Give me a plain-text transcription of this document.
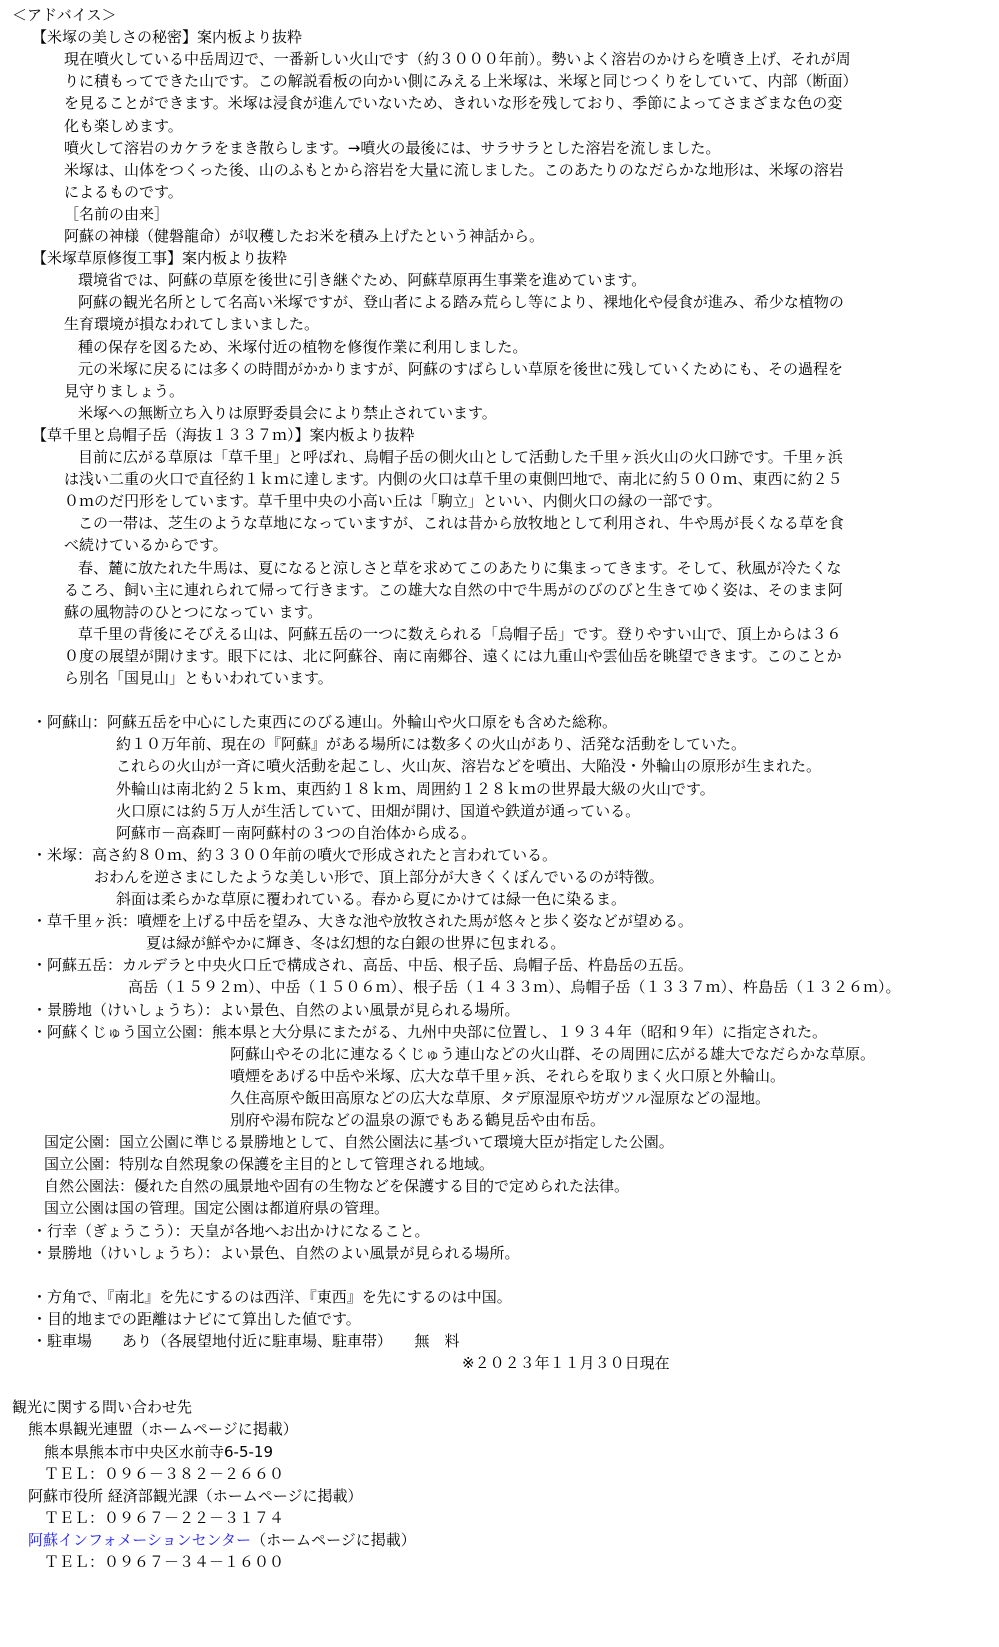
＜アドバイス＞
【米塚の美しさの秘密】案内板より抜粋
現在噴火している中岳周辺で、一番新しい火山です（約３０００年前）。勢いよく溶岩のかけらを噴き上げ、それが周
りに積もってできた山です。この解説看板の向かい側にみえる上米塚は、米塚と同じつくりをしていて、内部（断面）
を見ることができます。米塚は浸食が進んでいないため、きれいな形を残しており、季節によってさまざまな色の変
化も楽しめます。
噴火して溶岩のカケラをまき散らします。→噴火の最後には、サラサラとした溶岩を流しました。
米塚は、山体をつくった後、山のふもとから溶岩を大量に流しました。このあたりのなだらかな地形は、米塚の溶岩
によるものです。
［名前の由来］
阿蘇の神様（健磐龍命）が収穫したお米を積み上げたという神話から。
【米塚草原修復工事】案内板より抜粋
環境省では、阿蘇の草原を後世に引き継ぐため、阿蘇草原再生事業を進めています。
阿蘇の観光名所として名高い米塚ですが、登山者による踏み荒らし等により、裸地化や侵食が進み、希少な植物の
生育環境が損なわれてしまいました。
種の保存を図るため、米塚付近の植物を修復作業に利用しました。
元の米塚に戻るには多くの時間がかかりますが、阿蘇のすばらしい草原を後世に残していくためにも、その過程を
見守りましょう。
米塚への無断立ち入りは原野委員会により禁止されています。
【草千里と烏帽子岳（海抜１３３７ｍ）】案内板より抜粋
目前に広がる草原は「草千里」と呼ばれ、烏帽子岳の側火山として活動した千里ヶ浜火山の火口跡です。千里ヶ浜
は浅い二重の火口で直径約１ｋｍに達します。内側の火口は草千里の東側凹地で、南北に約５００ｍ、東西に約２５
０ｍのだ円形をしています。草千里中央の小高い丘は「駒立」といい、内側火口の縁の一部です。
この一帯は、芝生のような草地になっていますが、これは昔から放牧地として利用され、牛や馬が長くなる草を食
べ続けているからです。
春、麓に放たれた牛馬は、夏になると涼しさと草を求めてこのあたりに集まってきます。そして、秋風が冷たくな
るころ、飼い主に連れられて帰って行きます。この雄大な自然の中で牛馬がのびのびと生きてゆく姿は、そのまま阿
蘇の風物詩のひとつになってい ます。
草千里の背後にそびえる山は、阿蘇五岳の一つに数えられる「烏帽子岳」です。登りやすい山で、頂上からは３６
０度の展望が開けます。眼下には、北に阿蘇谷、南に南郷谷、遠くには九重山や雲仙岳を眺望できます。このことか
ら別名「国見山」ともいわれています。
・阿蘇山：阿蘇五岳を中心にした東西にのびる連山。外輪山や火口原をも含めた総称。
約１０万年前、現在の『阿蘇』がある場所には数多くの火山があり、活発な活動をしていた。
これらの火山が一斉に噴火活動を起こし、火山灰、溶岩などを噴出、大陥没・外輪山の原形が生まれた。
外輪山は南北約２５ｋｍ、東西約１８ｋｍ、周囲約１２８ｋｍの世界最大級の火山です。
火口原には約５万人が生活していて、田畑が開け、国道や鉄道が通っている。
阿蘇市－高森町－南阿蘇村の３つの自治体から成る。
・米塚：高さ約８０ｍ、約３３００年前の噴火で形成されたと言われている。
おわんを逆さまにしたような美しい形で、頂上部分が大きくくぼんでいるのが特徴。
斜面は柔らかな草原に覆われている。春から夏にかけては緑一色に染るま。
・草千里ヶ浜：噴煙を上げる中岳を望み、大きな池や放牧された馬が悠々と歩く姿などが望める。
夏は緑が鮮やかに輝き、冬は幻想的な白銀の世界に包まれる。
・阿蘇五岳：カルデラと中央火口丘で構成され、高岳、中岳、根子岳、烏帽子岳、杵島岳の五岳。
高岳（１５９２ｍ）、中岳（１５０６ｍ）、根子岳（１４３３ｍ）、烏帽子岳（１３３７ｍ）、杵島岳（１３２６ｍ）。
・景勝地（けいしょうち）：よい景色、自然のよい風景が見られる場所。
・阿蘇くじゅう国立公園：熊本県と大分県にまたがる、九州中央部に位置し、１９３４年（昭和９年）に指定された。
阿蘇山やその北に連なるくじゅう連山などの火山群、その周囲に広がる雄大でなだらかな草原。
噴煙をあげる中岳や米塚、広大な草千里ヶ浜、それらを取りまく火口原と外輪山。
久住高原や飯田高原などの広大な草原、タデ原湿原や坊ガツル湿原などの湿地。
別府や湯布院などの温泉の源でもある鶴見岳や由布岳。
国定公園：国立公園に準じる景勝地として、自然公園法に基づいて環境大臣が指定した公園。
国立公園：特別な自然現象の保護を主目的として管理される地域。
自然公園法：優れた自然の風景地や固有の生物などを保護する目的で定められた法律。
国立公園は国の管理。国定公園は都道府県の管理。
・行幸（ぎょうこう）：天皇が各地へお出かけになること。
・景勝地（けいしょうち）：よい景色、自然のよい風景が見られる場所。
・方角で、『南北』を先にするのは西洋、『東西』を先にするのは中国。
・目的地までの距離はナビにて算出した値です。
・駐車場　　あり（各展望地付近に駐車場、駐車帯）　　無　料
※２０２３年１１月３０日現在
観光に関する問い合わせ先
熊本県観光連盟（ホームページに掲載）
熊本県熊本市中央区水前寺6-5-19
ＴＥＬ：０９６－３８２－２６６０
阿蘇市役所 経済部観光課（ホームページに掲載）
ＴＥＬ：０９６７－２２－３１７４
阿蘇インフォメーションセンター（ホームページに掲載）
ＴＥＬ：０９６７－３４－１６００
